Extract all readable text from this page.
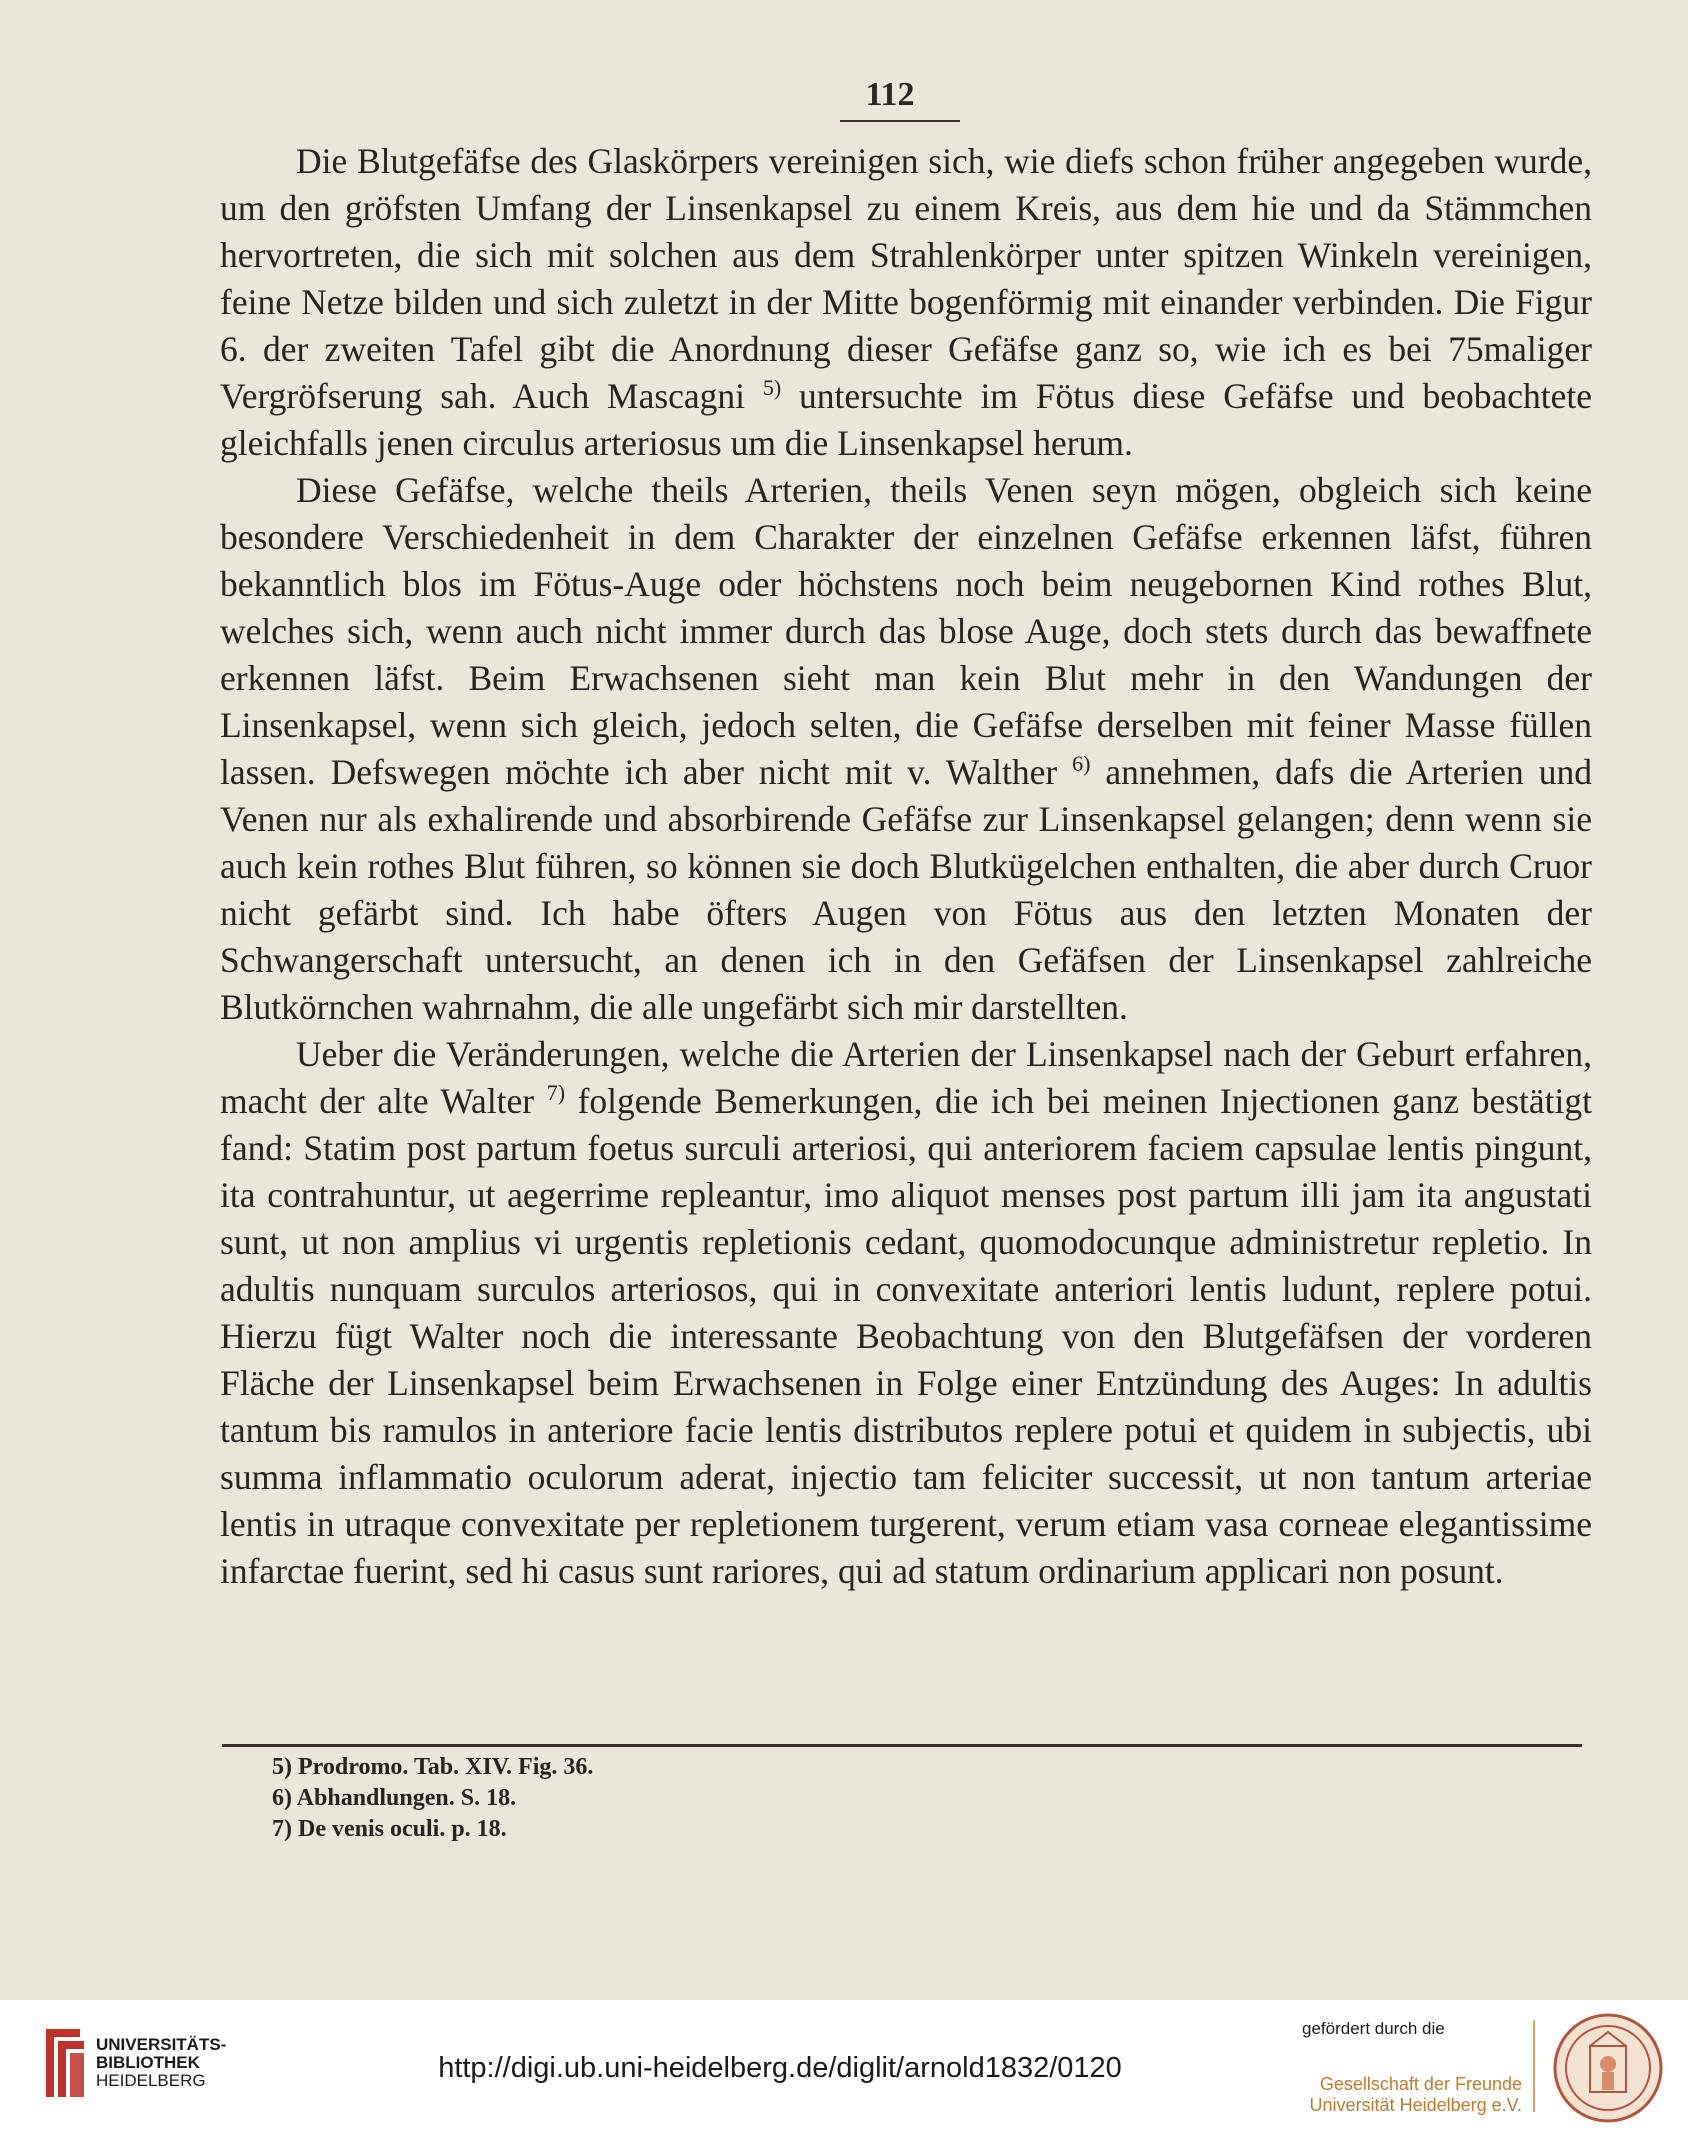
112

Die Blutgefäfse des Glaskörpers vereinigen sich, wie diefs schon früher angegeben wurde, um den gröfsten Umfang der Linsenkapsel zu einem Kreis, aus dem hie und da Stämmchen hervortreten, die sich mit solchen aus dem Strahlenkörper unter spitzen Winkeln vereinigen, feine Netze bilden und sich zuletzt in der Mitte bogenförmig mit einander verbinden. Die Figur 6. der zweiten Tafel gibt die Anordnung dieser Gefäfse ganz so, wie ich es bei 75maliger Vergröfserung sah. Auch Mascagni $^{5)}$ untersuchte im Fötus diese Gefäfse und beobachtete gleichfalls jenen circulus arteriosus um die Linsenkapsel herum.

Diese Gefäfse, welche theils Arterien, theils Venen seyn mögen, obgleich sich keine besondere Verschiedenheit in dem Charakter der einzelnen Gefäfse erkennen läfst, führen bekanntlich blos im Fötus-Auge oder höchstens noch beim neugebornen Kind rothes Blut, welches sich, wenn auch nicht immer durch das blose Auge, doch stets durch das bewaffnete erkennen läfst. Beim Erwachsenen sieht man kein Blut mehr in den Wandungen der Linsenkapsel, wenn sich gleich, jedoch selten, die Gefäfse derselben mit feiner Masse füllen lassen. Defswegen möchte ich aber nicht mit v. Walther $^{6)}$ annehmen, dafs die Arterien und Venen nur als exhalirende und absorbirende Gefäfse zur Linsenkapsel gelangen; denn wenn sie auch kein rothes Blut führen, so können sie doch Blutkügelchen enthalten, die aber durch Cruor nicht gefärbt sind. Ich habe öfters Augen von Fötus aus den letzten Monaten der Schwangerschaft untersucht, an denen ich in den Gefäfsen der Linsenkapsel zahlreiche Blutkörnchen wahrnahm, die alle ungefärbt sich mir darstellten.

Ueber die Veränderungen, welche die Arterien der Linsenkapsel nach der Geburt erfahren, macht der alte Walter $^{7)}$ folgende Bemerkungen, die ich bei meinen Injectionen ganz bestätigt fand: Statim post partum foetus surculi arteriosi, qui anteriorem faciem capsulae lentis pingunt, ita contrahuntur, ut aegerrime repleantur, imo aliquot menses post partum illi jam ita angustati sunt, ut non amplius vi urgentis repletionis cedant, quomodocunque administretur repletio. In adultis nunquam surculos arteriosos, qui in convexitate anteriori lentis ludunt, replere potui. Hierzu fügt Walter noch die interessante Beobachtung von den Blutgefäfsen der vorderen Fläche der Linsenkapsel beim Erwachsenen in Folge einer Entzündung des Auges: In adultis tantum bis ramulos in anteriore facie lentis distributos replere potui et quidem in subjectis, ubi summa inflammatio oculorum aderat, injectio tam feliciter successit, ut non tantum arteriae lentis in utraque convexitate per repletionem turgerent, verum etiam vasa corneae elegantissime infarctae fuerint, sed hi casus sunt rariores, qui ad statum ordinarium applicari non posunt.

5) Prodromo. Tab. XIV. Fig. 36.
6) Abhandlungen. S. 18.
7) De venis oculi. p. 18.
UNIVERSITÄTS-
BIBLIOTHEK
HEIDELBERG	http://digi.ub.uni-heidelberg.de/diglit/arnold1832/0120
gefördert durch die
Gesellschaft der Freunde
Universität Heidelberg e.V.
